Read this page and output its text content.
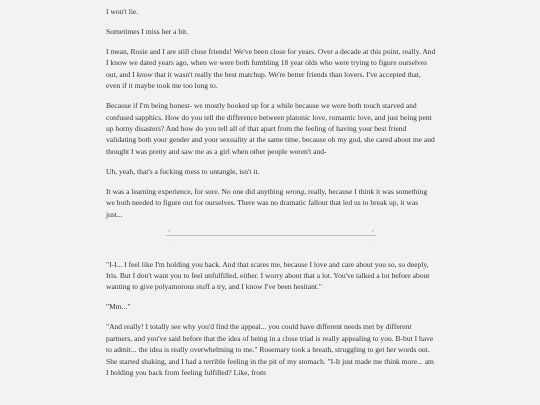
I won't lie.

Sometimes I miss her a bit.

I mean, Rosie and I are still close friends! We've been close for years. Over a decade at this point, really. And I know we dated years ago, when we were both fumbling 18 year olds who were trying to figure ourselves out, and I know that it wasn't really the best matchup. We're better friends than lovers. I've accepted that, even if it maybe took me too long to.

Because if I'm being honest- we mostly hooked up for a while because we were both touch starved and confused sapphics. How do you tell the difference between platonic love, romantic love, and just being pent up horny disasters? And how do you tell all of that apart from the feeling of having your best friend validating both your gender and your sexuality at the same time, because oh my god, she cared about me and thought I was pretty and saw me as a girl when other people weren't and-

Uh, yeah, that's a fucking mess to untangle, isn't it.

It was a learning experience, for sure. No one did anything wrong, really, because I think it was something we both needed to figure out for ourselves. There was no dramatic fallout that led us to break up, it was just...

•	•
·	·

"I-I... I feel like I'm holding you back. And that scares me, because I love and care about you so, so deeply, Iris. But I don't want you to feel unfulfilled, either. I worry about that a lot. You've talked a lot before about wanting to give polyamorous stuff a try, and I know I've been hesitant."

"Mm..."

"And really! I totally see why you'd find the appeal... you could have different needs met by different partners, and you've said before that the idea of being in a close triad is really appealing to you. B-but I have to admit... the idea is really overwhelming to me." Rosemary took a breath, struggling to get her words out. She started shaking, and I had a terrible feeling in the pit of my stomach. "I-It just made me think more... am I holding you back from feeling fulfilled? Like, from
